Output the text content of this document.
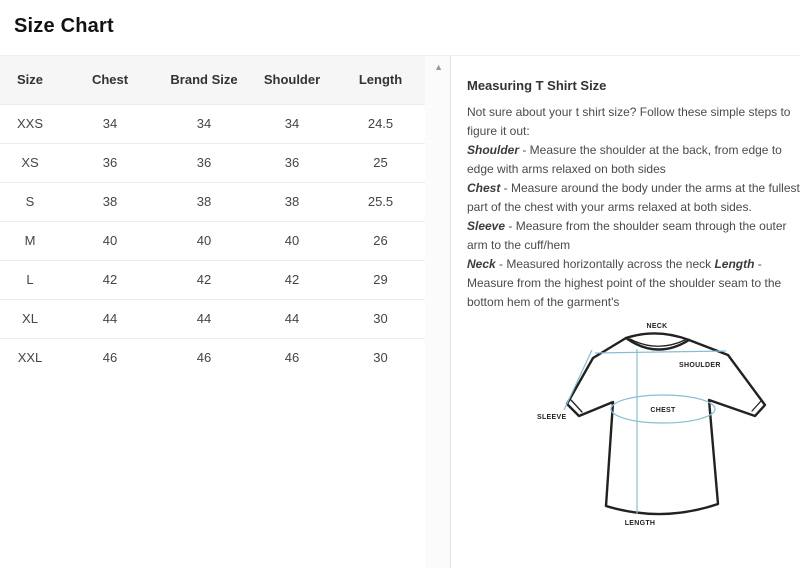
Size Chart
Size	Chest	Brand Size	Shoulder	Length
XXS	34	34	34	24.5
XS	36	36	36	25
S	38	38	38	25.5
M	40	40	40	26
L	42	42	42	29
XL	44	44	44	30
XXL	46	46	46	30
▲
Measuring T Shirt Size

Not sure about your t shirt size? Follow these simple steps to figure it out:

Shoulder - Measure the shoulder at the back, from edge to edge with arms relaxed on both sides

Chest - Measure around the body under the arms at the fullest part of the chest with your arms relaxed at both sides.

Sleeve - Measure from the shoulder seam through the outer arm to the cuff/hem

Neck - Measured horizontally across the neck Length - Measure from the highest point of the shoulder seam to the bottom hem of the garment's

NECK
SHOULDER
SLEEVE
CHEST
LENGTH
